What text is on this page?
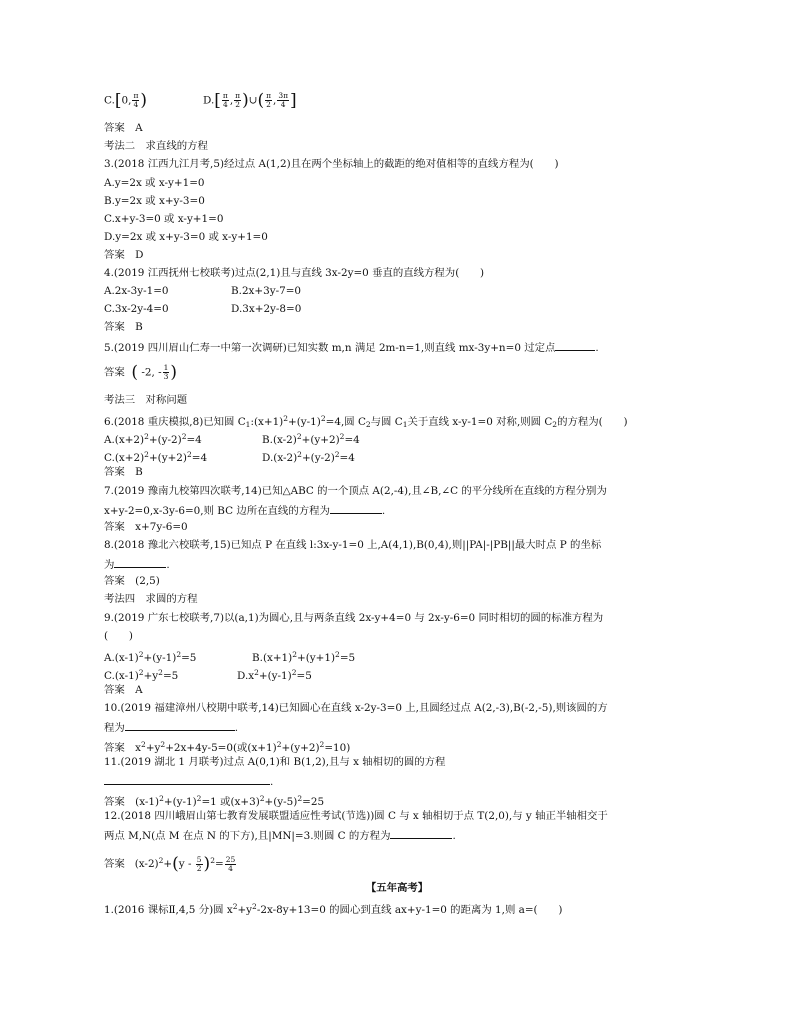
C.[0, $\frac{\pi}{4}$ )	$D.[ \frac{\pi}{4}$ , $\frac{\pi}{2}$ )∪( $\frac{\pi}{2}$ , $\frac{3\pi}{4}$ ]
答案　A
考法二　求直线的方程
3.(2018 江西九江月考,5)经过点 A(1,2)且在两个坐标轴上的截距的绝对值相等的直线方程为(　　)
A.y=2x 或 x-y+1=0
B.y=2x 或 x+y-3=0
C.x+y-3=0 或 x-y+1=0
D.y=2x 或 x+y-3=0 或 x-y+1=0
答案　D
4.(2019 江西抚州七校联考)过点(2,1)且与直线 3x-2y=0 垂直的直线方程为(　　)
A.2x-3y-1=0	B.2x+3y-7=0
C.3x-2y-4=0	D.3x+2y-8=0
答案　B
5.(2019 四川眉山仁寿一中第一次调研)已知实数 m,n 满足 2m-n=1,则直线 mx-3y+n=0 过定点	.
答案 ( -2, - $\frac{1}{3}$ )
考法三　对称问题
6.(2018 重庆模拟,8)已知圆 $C_1:(x+1)^2+(y-1)^2=4$,圆 $C_2$与圆 $C_1$关于直线 x-y-1=0 对称,则圆 $C_2$的方程为(　　)
$A.(x+2)^2+(y-2)^2=4$	$B.(x-2)^2+(y+2)^2=4$
$C.(x+2)^2+(y+2)^2=4$	$D.(x-2)^2+(y-2)^2=4$
答案　B
7.(2019 豫南九校第四次联考,14)已知△ABC 的一个顶点 A(2,-4),且∠B,∠C 的平分线所在直线的方程分别为
x+y-2=0,x-3y-6=0,则 BC 边所在直线的方程为	.
答案　x+7y-6=0
8.(2018 豫北六校联考,15)已知点 P 在直线 l:3x-y-1=0 上,A(4,1),B(0,4),则||PA|-|PB||最大时点 P 的坐标
为	.
答案　(2,5)
考法四　求圆的方程
9.(2019 广东七校联考,7)以(a,1)为圆心,且与两条直线 2x-y+4=0 与 2x-y-6=0 同时相切的圆的标准方程为
(　　)
$A.(x-1)^2+(y-1)^2=5$	$B.(x+1)^2+(y+1)^2=5$
$C.(x-1)^2+y^2=5$	$D.x^2+(y-1)^2=5$
答案　A
10.(2019 福建漳州八校期中联考,14)已知圆心在直线 x-2y-3=0 上,且圆经过点 A(2,-3),B(-2,-5),则该圆的方
程为	.
答案　$x^2+y^2+2x+4y-5=0$(或$(x+1)^2+(y+2)^2=10$)
11.(2019 湖北 1 月联考)过点 A(0,1)和 B(1,2),且与 x 轴相切的圆的方程
.
答案　$(x-1)^2+(y-1)^2=1$ 或$(x+3)^2+(y-5)^2=25$
12.(2018 四川峨眉山第七教育发展联盟适应性考试(节选))圆 C 与 x 轴相切于点 T(2,0),与 y 轴正半轴相交于
两点 M,N(点 M 在点 N 的下方),且|MN|=3.则圆 C 的方程为	.
答案 $(x-2)^2+(y - \frac{5}{2} )^2= \frac{25}{4}$
【五年高考】
1.(2016 课标Ⅱ,4,5 分)圆 $x^2+y^2-2x-8y+13=0$ 的圆心到直线 ax+y-1=0 的距离为 1,则 a=(　　)
